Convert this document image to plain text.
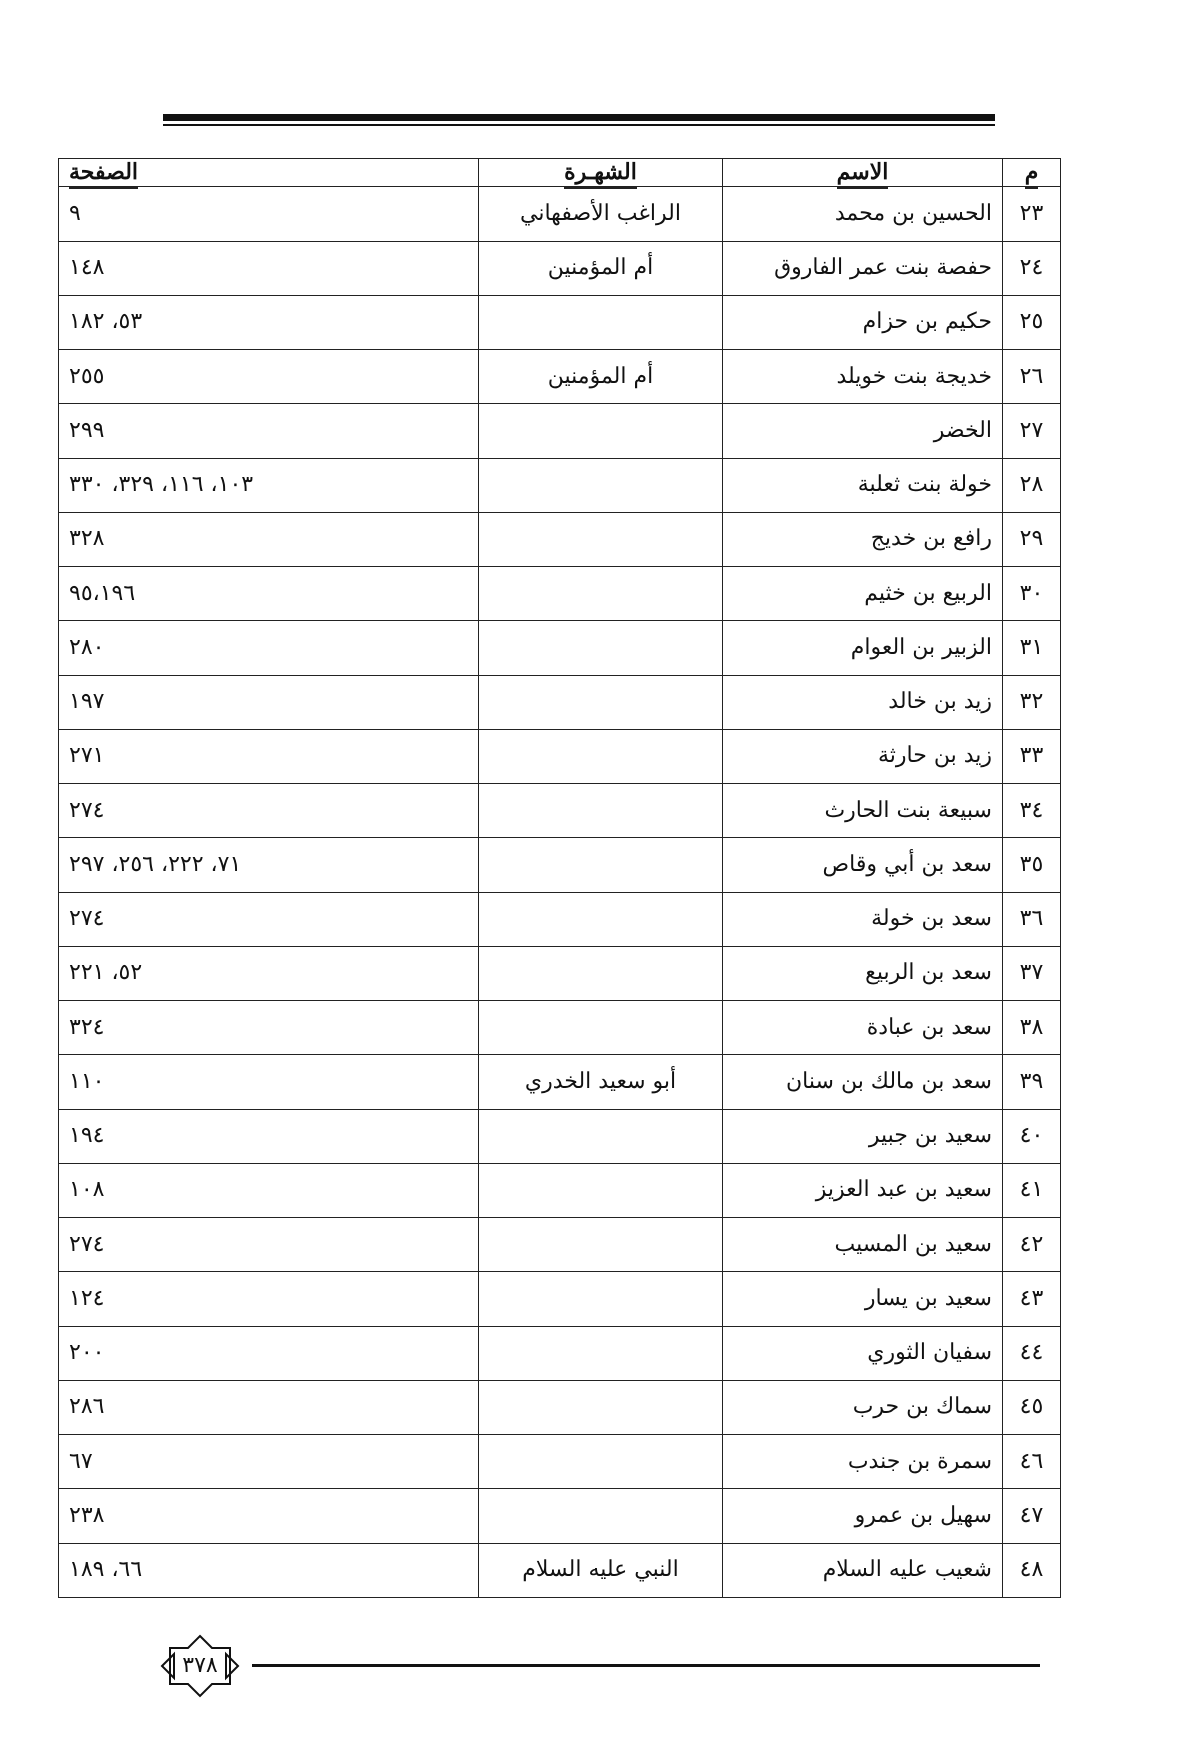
م	الاسم	الشهـرة	الصفحة
٢٣	الحسين بن محمد	الراغب الأصفهاني	٩
٢٤	حفصة بنت عمر الفاروق	أم المؤمنين	١٤٨
٢٥	حكيم بن حزام		٥٣، ١٨٢
٢٦	خديجة بنت خويلد	أم المؤمنين	٢٥٥
٢٧	الخضر		٢٩٩
٢٨	خولة بنت ثعلبة		١٠٣، ١١٦، ٣٢٩، ٣٣٠
٢٩	رافع بن خديج		٣٢٨
٣٠	الربيع بن خثيم		٩٥،١٩٦
٣١	الزبير بن العوام		٢٨٠
٣٢	زيد بن خالد		١٩٧
٣٣	زيد بن حارثة		٢٧١
٣٤	سبيعة بنت الحارث		٢٧٤
٣٥	سعد بن أبي وقاص		٧١، ٢٢٢، ٢٥٦، ٢٩٧
٣٦	سعد بن خولة		٢٧٤
٣٧	سعد بن الربيع		٥٢، ٢٢١
٣٨	سعد بن عبادة		٣٢٤
٣٩	سعد بن مالك بن سنان	أبو سعيد الخدري	١١٠
٤٠	سعيد بن جبير		١٩٤
٤١	سعيد بن عبد العزيز		١٠٨
٤٢	سعيد بن المسيب		٢٧٤
٤٣	سعيد بن يسار		١٢٤
٤٤	سفيان الثوري		٢٠٠
٤٥	سماك بن حرب		٢٨٦
٤٦	سمرة بن جندب		٦٧
٤٧	سهيل بن عمرو		٢٣٨
٤٨	شعيب عليه السلام	النبي عليه السلام	٦٦، ١٨٩
٣٧٨
